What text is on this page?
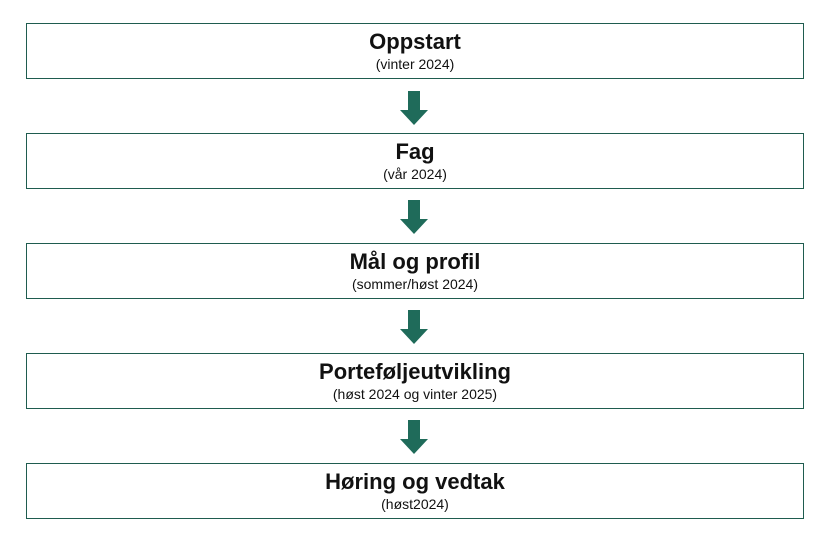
Oppstart
(vinter 2024)
Fag
(vår 2024)
Mål og profil
(sommer/høst 2024)
Porteføljeutvikling
(høst 2024 og vinter 2025)
Høring og vedtak
(høst2024)
